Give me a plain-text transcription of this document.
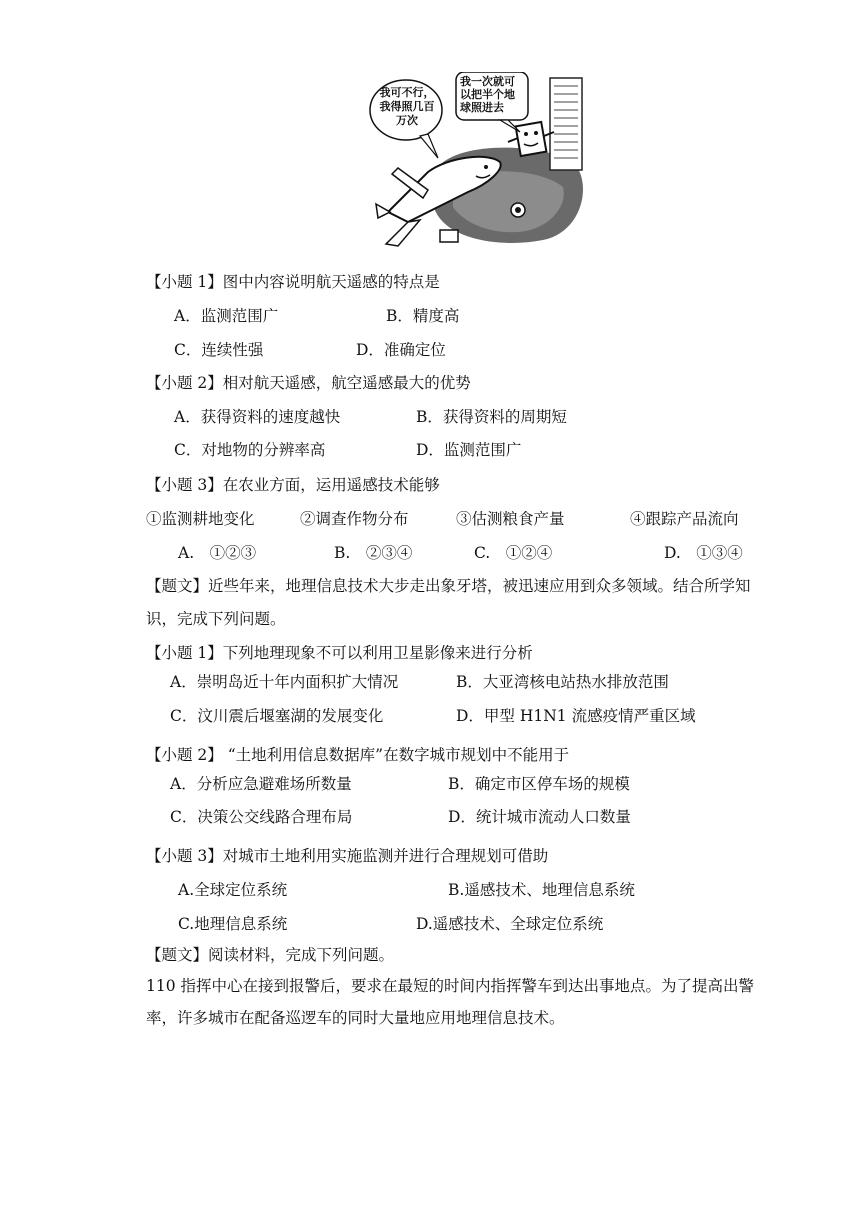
我可不行，我得照几百万次
我一次就可以把半个地球照进去
【小题 1】图中内容说明航天遥感的特点是
A．监测范围广	B．精度高
C．连续性强	D．准确定位
【小题 2】相对航天遥感，航空遥感最大的优势
A．获得资料的速度越快	B．获得资料的周期短
C．对地物的分辨率高	D．监测范围广
【小题 3】在农业方面，运用遥感技术能够
①监测耕地变化	②调查作物分布	③估测粮食产量	④跟踪产品流向
A.　①②③	B.　②③④	C.　①②④	D.　①③④
【题文】近些年来，地理信息技术大步走出象牙塔，被迅速应用到众多领域。结合所学知
识，完成下列问题。
【小题 1】下列地理现象不可以利用卫星影像来进行分析
A．崇明岛近十年内面积扩大情况	B．大亚湾核电站热水排放范围
C．汶川震后堰塞湖的发展变化	D．甲型 H1N1 流感疫情严重区域
【小题 2】 “土地利用信息数据库”在数字城市规划中不能用于
A．分析应急避难场所数量	B．确定市区停车场的规模
C．决策公交线路合理布局	D．统计城市流动人口数量
【小题 3】对城市土地利用实施监测并进行合理规划可借助
A.全球定位系统	B.遥感技术、地理信息系统
C.地理信息系统	D.遥感技术、全球定位系统
【题文】阅读材料，完成下列问题。
110 指挥中心在接到报警后，要求在最短的时间内指挥警车到达出事地点。为了提高出警
率，许多城市在配备巡逻车的同时大量地应用地理信息技术。
